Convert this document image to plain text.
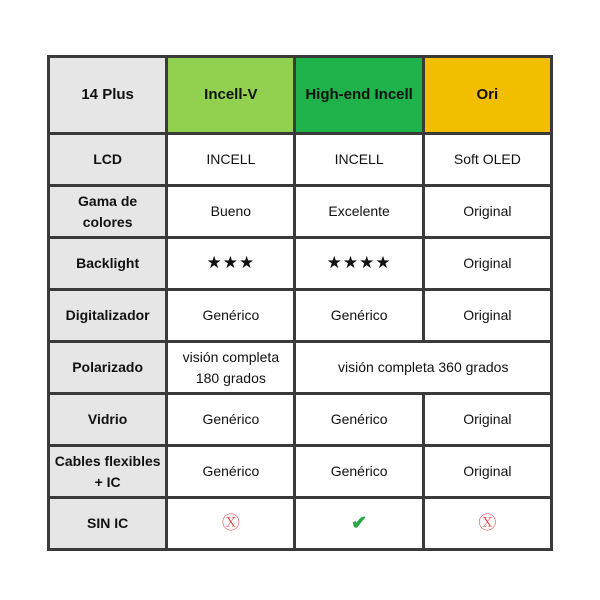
14 Plus	Incell-V	High-end Incell	Ori
LCD	INCELL	INCELL	Soft OLED
Gama de colores	Bueno	Excelente	Original
Backlight	★★★	★★★★	Original
Digitalizador	Genérico	Genérico	Original
Polarizado	visión completa 180 grados	visión completa 360 grados	
Vidrio	Genérico	Genérico	Original
Cables flexibles + IC	Genérico	Genérico	Original
SIN IC	Ⓧ	✔	Ⓧ
